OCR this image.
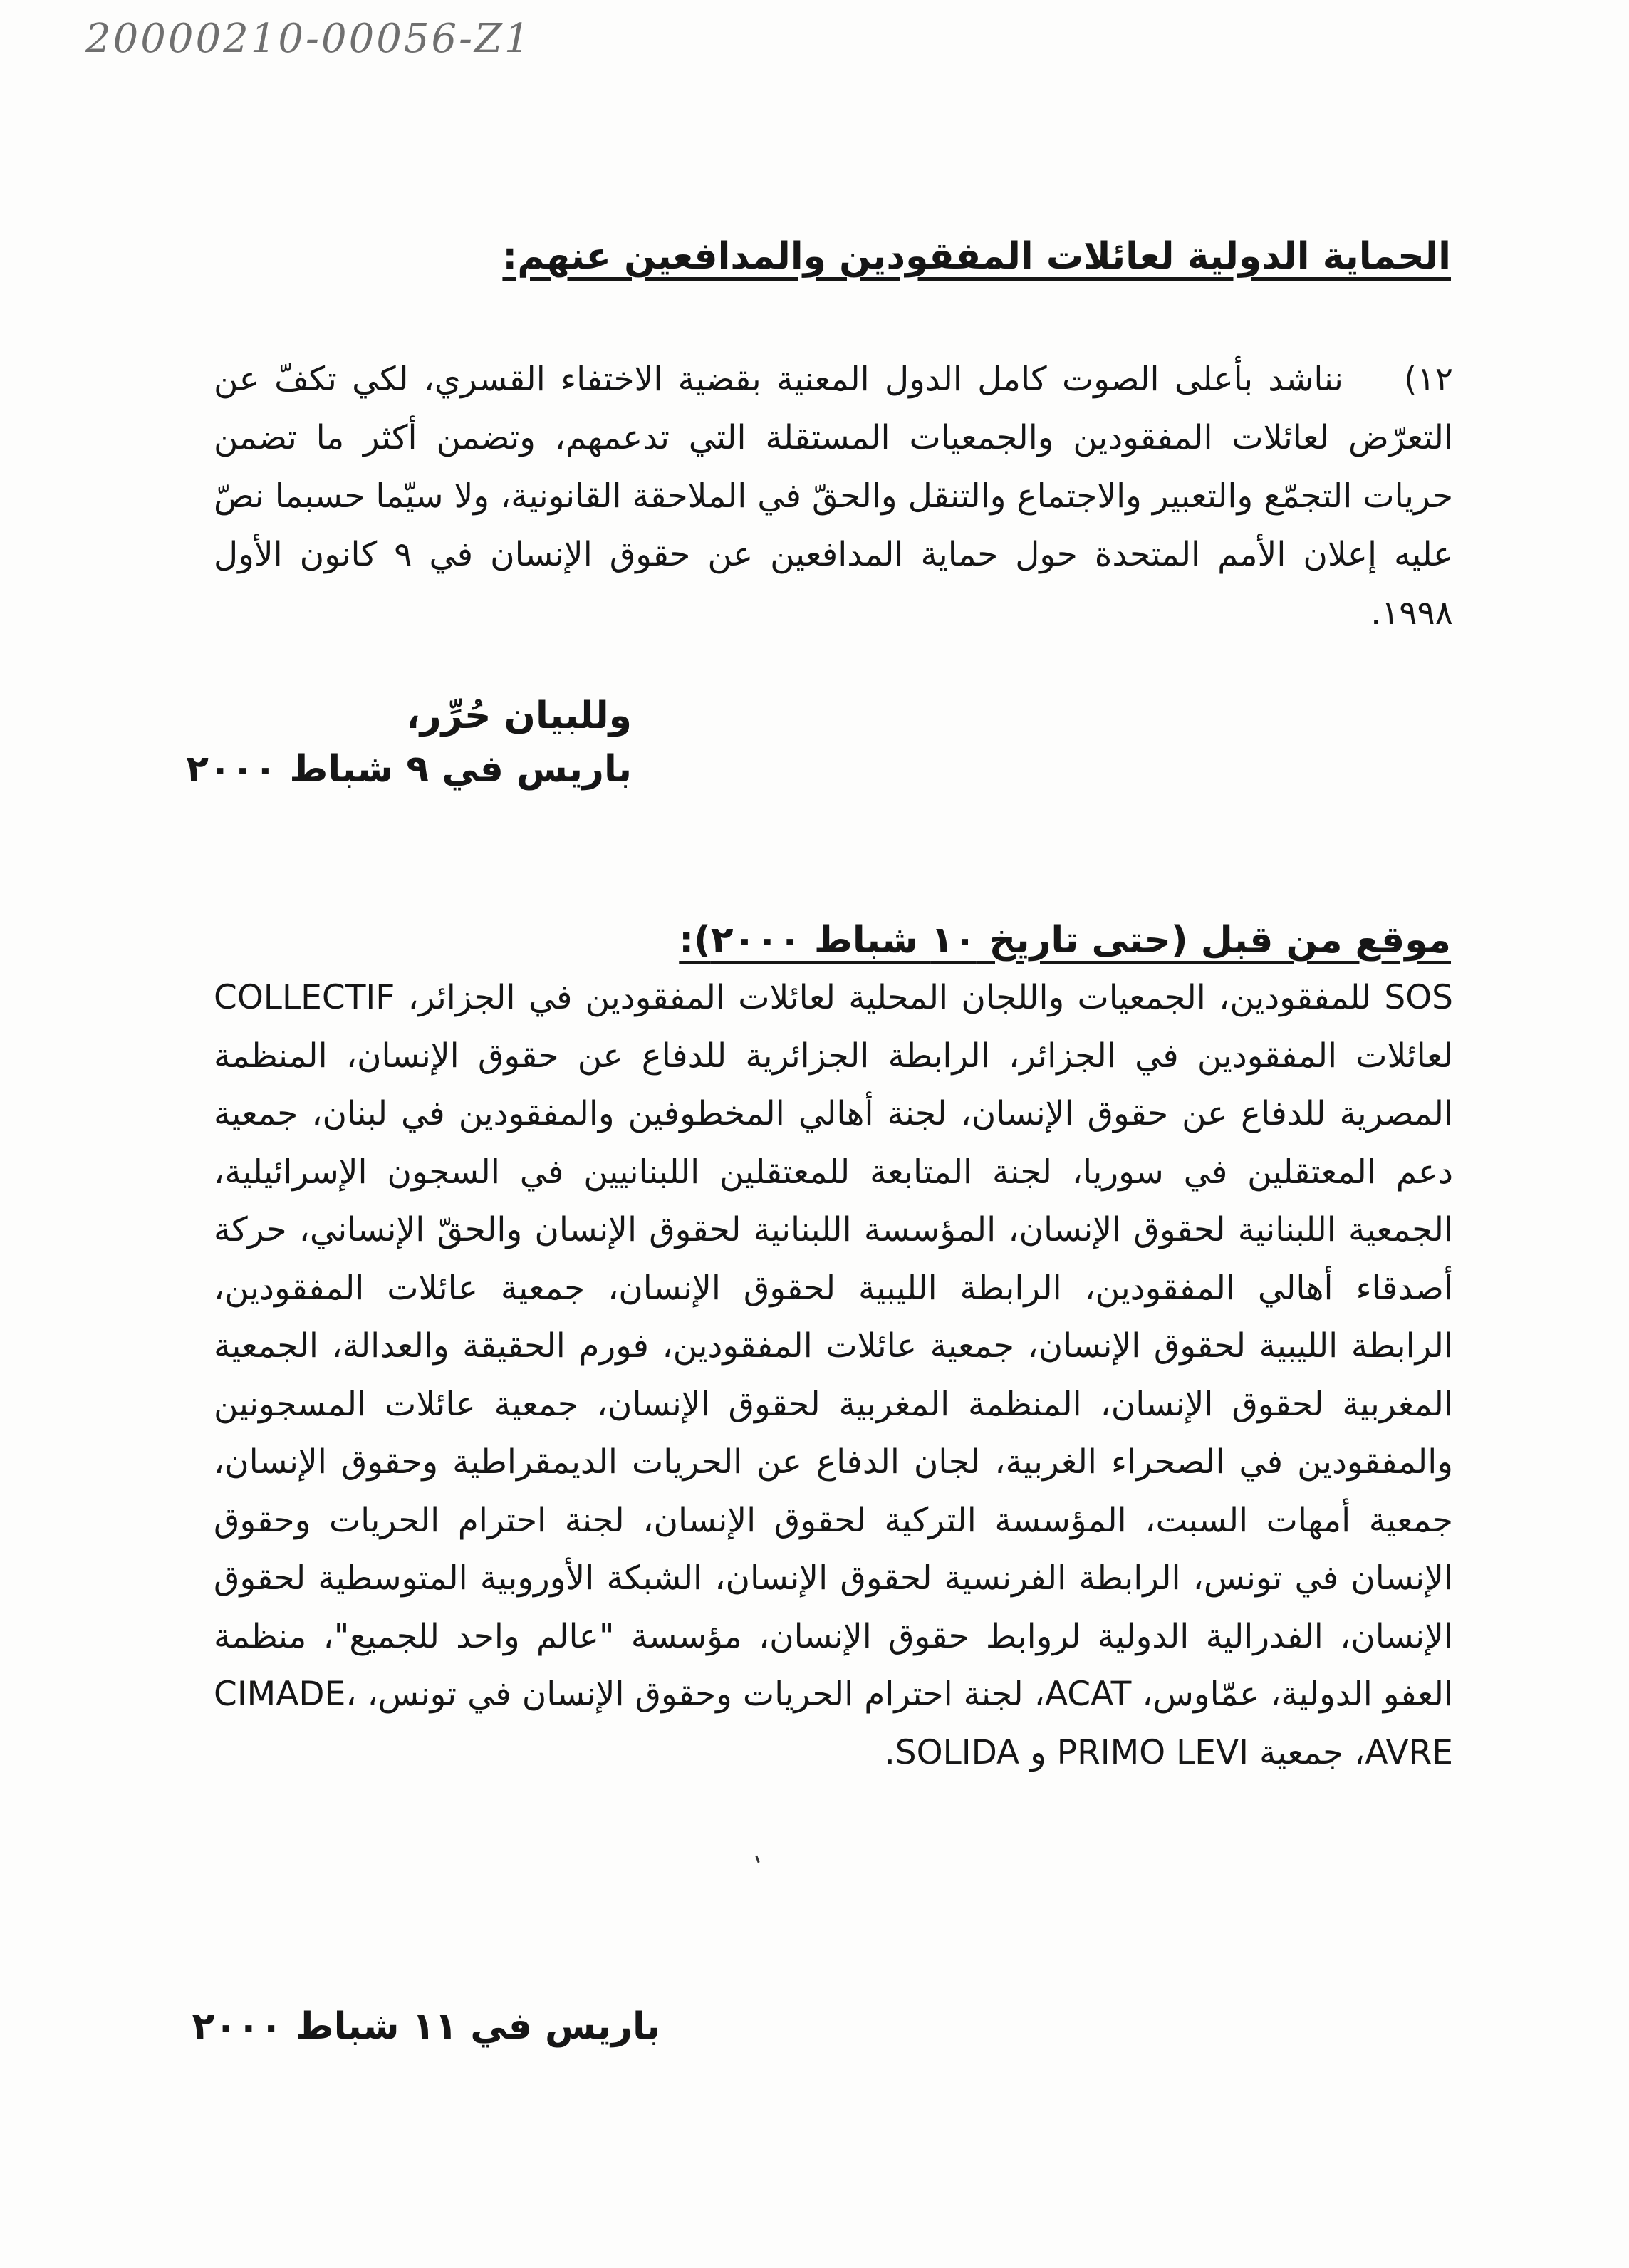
20000210-00056-Z1
الحماية الدولية لعائلات المفقودين والمدافعين عنهم:
١٢)    نناشد بأعلى الصوت كامل الدول المعنية بقضية الاختفاء القسري، لكي تكفّ عن التعرّض لعائلات المفقودين والجمعيات المستقلة التي تدعمهم، وتضمن أكثر ما تضمن حريات التجمّع والتعبير والاجتماع والتنقل والحقّ في الملاحقة القانونية، ولا سيّما حسبما نصّ عليه إعلان الأمم المتحدة حول حماية المدافعين عن حقوق الإنسان في ٩ كانون الأول ١٩٩٨.
وللبيان حُرِّر،
باريس في ٩ شباط ٢٠٠٠
موقع من قبل (حتى تاريخ ١٠ شباط ٢٠٠٠):
SOS للمفقودين، الجمعيات واللجان المحلية لعائلات المفقودين في الجزائر، COLLECTIF لعائلات المفقودين في الجزائر، الرابطة الجزائرية للدفاع عن حقوق الإنسان، المنظمة المصرية للدفاع عن حقوق الإنسان، لجنة أهالي المخطوفين والمفقودين في لبنان، جمعية دعم المعتقلين في سوريا، لجنة المتابعة للمعتقلين اللبنانيين في السجون الإسرائيلية، الجمعية اللبنانية لحقوق الإنسان، المؤسسة اللبنانية لحقوق الإنسان والحقّ الإنساني، حركة أصدقاء أهالي المفقودين، الرابطة الليبية لحقوق الإنسان، جمعية عائلات المفقودين، الرابطة الليبية لحقوق الإنسان، جمعية عائلات المفقودين، فورم الحقيقة والعدالة، الجمعية المغربية لحقوق الإنسان، المنظمة المغربية لحقوق الإنسان، جمعية عائلات المسجونين والمفقودين في الصحراء الغربية، لجان الدفاع عن الحريات الديمقراطية وحقوق الإنسان، جمعية أمهات السبت، المؤسسة التركية لحقوق الإنسان، لجنة احترام الحريات وحقوق الإنسان في تونس، الرابطة الفرنسية لحقوق الإنسان، الشبكة الأوروبية المتوسطية لحقوق الإنسان، الفدرالية الدولية لروابط حقوق الإنسان، مؤسسة "عالم واحد للجميع"، منظمة العفو الدولية، عمّاوس، ACAT، لجنة احترام الحريات وحقوق الإنسان في تونس، CIMADE، AVRE، جمعية PRIMO LEVI و SOLIDA.
باريس في ١١ شباط ٢٠٠٠
